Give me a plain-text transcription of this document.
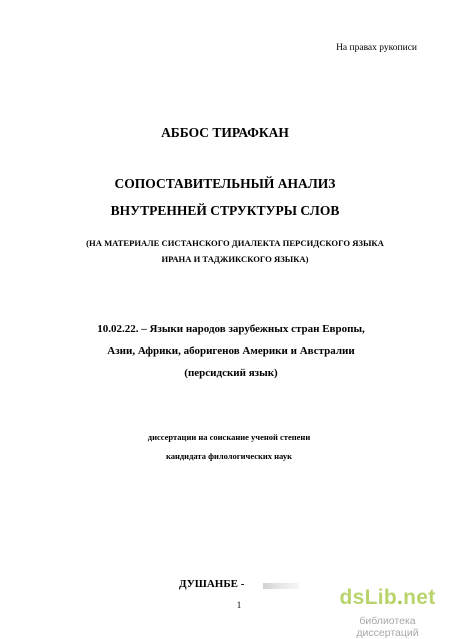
На правах рукописи
АББОС ТИРАФКАН
СОПОСТАВИТЕЛЬНЫЙ АНАЛИЗ
ВНУТРЕННЕЙ СТРУКТУРЫ СЛОВ
(НА МАТЕРИАЛЕ СИСТАНСКОГО ДИАЛЕКТА ПЕРСИДСКОГО ЯЗЫКА
ИРАНА И ТАДЖИКСКОГО ЯЗЫКА)
10.02.22. – Языки народов зарубежных стран Европы,
Азии, Африки, аборигенов Америки и Австралии
(персидский язык)
диссертации на соискание ученой степени
кандидата филологических наук
ДУШАНБЕ -
1	dsLib.net
библиотека диссертаций
